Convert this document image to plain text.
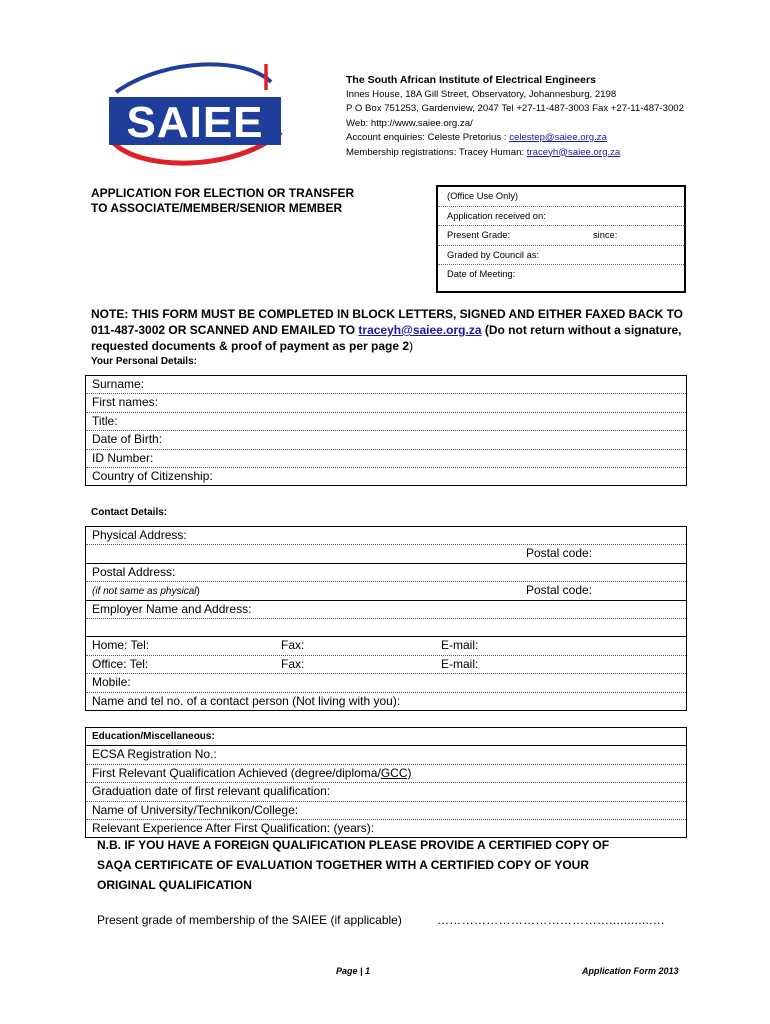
SAIEE
The South African Institute of Electrical Engineers
Innes House, 18A Gill Street, Observatory, Johannesburg, 2198
P O Box 751253, Gardenview, 2047 Tel +27-11-487-3003 Fax +27-11-487-3002
Web: http://www.saiee.org.za/
Account enquiries: Celeste Pretorius : celestep@saiee.org.za
Membership registrations: Tracey Human: traceyh@saiee.org.za
APPLICATION FOR ELECTION OR TRANSFER
TO ASSOCIATE/MEMBER/SENIOR MEMBER
(Office Use Only)
Application received on:
Present Grade:	since:
Graded by Council as:
Date of Meeting:
NOTE: THIS FORM MUST BE COMPLETED IN BLOCK LETTERS, SIGNED AND EITHER FAXED BACK TO 011-487-3002 OR SCANNED AND EMAILED TO traceyh@saiee.org.za (Do not return without a signature, requested documents & proof of payment as per page 2)
Your Personal Details:
Surname:
First names:
Title:
Date of Birth:
ID Number:
Country of Citizenship:
Contact Details:
Physical Address:
Postal code:
Postal Address:
(if not same as physical)	Postal code:
Employer Name and Address:
Home: Tel:	Fax:	E-mail:
Office: Tel:	Fax:	E-mail:
Mobile:
Name and tel no. of a contact person (Not living with you):
Education/Miscellaneous:
ECSA Registration No.:
First Relevant Qualification Achieved (degree/diploma/GCC)
Graduation date of first relevant qualification:
Name of University/Technikon/College:
Relevant Experience After First Qualification: (years):
N.B. IF YOU HAVE A FOREIGN QUALIFICATION PLEASE PROVIDE A CERTIFIED COPY OF
SAQA CERTIFICATE OF EVALUATION TOGETHER WITH A CERTIFIED COPY OF YOUR
ORIGINAL QUALIFICATION
Present grade of membership of the SAIEE (if applicable)	……………………………………............…
Page | 1	Application Form 2013
